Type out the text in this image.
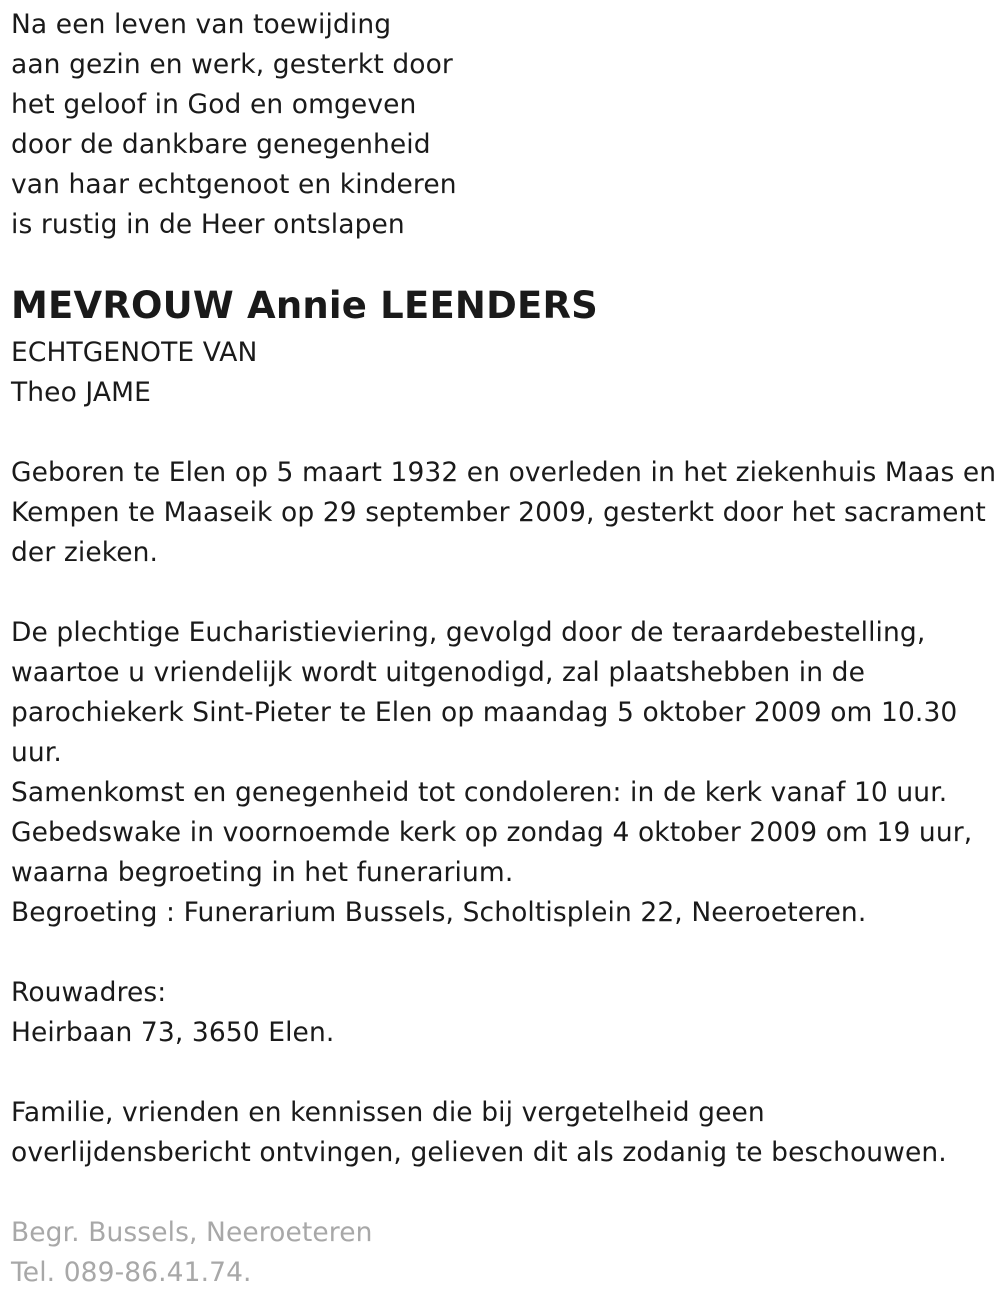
Na een leven van toewijding
aan gezin en werk, gesterkt door
het geloof in God en omgeven
door de dankbare genegenheid
van haar echtgenoot en kinderen
is rustig in de Heer ontslapen
MEVROUW Annie LEENDERS
ECHTGENOTE VAN
Theo JAME
Geboren te Elen op 5 maart 1932 en overleden in het ziekenhuis Maas en
Kempen te Maaseik op 29 september 2009, gesterkt door het sacrament
der zieken.
De plechtige Eucharistieviering, gevolgd door de teraardebestelling,
waartoe u vriendelijk wordt uitgenodigd, zal plaatshebben in de
parochiekerk Sint-Pieter te Elen op maandag 5 oktober 2009 om 10.30
uur.
Samenkomst en genegenheid tot condoleren: in de kerk vanaf 10 uur.
Gebedswake in voornoemde kerk op zondag 4 oktober 2009 om 19 uur,
waarna begroeting in het funerarium.
Begroeting : Funerarium Bussels, Scholtisplein 22, Neeroeteren.
Rouwadres:
Heirbaan 73, 3650 Elen.
Familie, vrienden en kennissen die bij vergetelheid geen
overlijdensbericht ontvingen, gelieven dit als zodanig te beschouwen.
Begr. Bussels, Neeroeteren
Tel. 089-86.41.74.
